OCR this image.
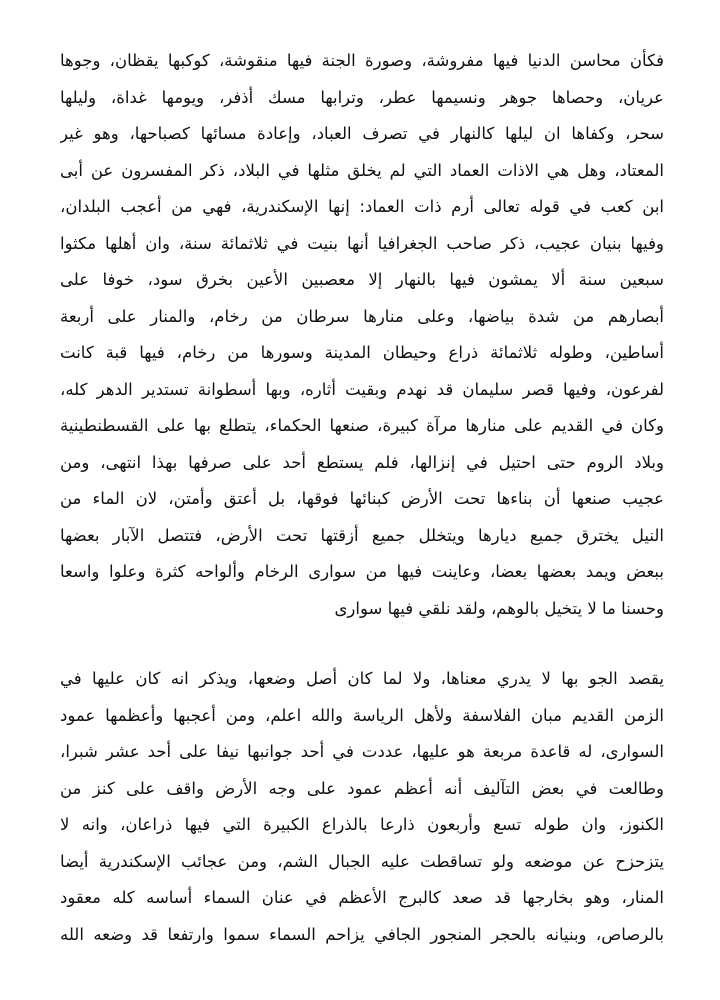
فكأن محاسن الدنيا فيها مفروشة، وصورة الجنة فيها منقوشة، كوكبها يقظان، وجوها
عريان، وحصاها جوهر ونسيمها عطر، وترابها مسك أذفر، ويومها غداة، وليلها
سحر، وكفاها ان ليلها كالنهار في تصرف العباد، وإعادة مسائها كصباحها، وهو غير
المعتاد، وهل هي الاذات العماد التي لم يخلق مثلها في البلاد، ذكر المفسرون عن أبى
ابن كعب في قوله تعالى أرم ذات العماد: إنها الإسكندرية، فهي من أعجب البلدان،
وفيها بنيان عجيب، ذكر صاحب الجغرافيا أنها بنيت في ثلاثمائة سنة، وان أهلها مكثوا
سبعين سنة ألا يمشون فيها بالنهار إلا معصبين الأعين بخرق سود، خوفا على
أبصارهم من شدة بياضها، وعلى منارها سرطان من رخام، والمنار على أربعة
أساطين، وطوله ثلاثمائة ذراع وحيطان المدينة وسورها من رخام، فيها قبة كانت
لفرعون، وفيها قصر سليمان قد نهدم وبقيت أثاره، وبها أسطوانة تستدير الدهر كله،
وكان في القديم على منارها مرآة كبيرة، صنعها الحكماء، يتطلع بها على القسطنطينية
وبلاد الروم حتى احتيل في إنزالها، فلم يستطع أحد على صرفها بهذا انتهى، ومن
عجيب صنعها أن بناءها تحت الأرض كبنائها فوقها، بل أعتق وأمتن، لان الماء من
النيل يخترق جميع ديارها ويتخلل جميع أزقتها تحت الأرض، فتتصل الآبار بعضها
ببعض ويمد بعضها بعضا، وعاينت فيها من سوارى الرخام وألواحه كثرة وعلوا واسعا
وحسنا ما لا يتخيل بالوهم، ولقد نلقي فيها سوارى
يقصد الجو بها لا يدري معناها، ولا لما كان أصل وضعها، ويذكر انه كان عليها في
الزمن القديم مبان الفلاسفة ولأهل الرياسة والله اعلم، ومن أعجبها وأعظمها عمود
السوارى، له قاعدة مربعة هو عليها، عددت في أحد جوانبها نيفا على أحد عشر شبرا،
وطالعت في بعض التآليف أنه أعظم عمود على وجه الأرض واقف على كنز من
الكنوز، وان طوله تسع وأربعون ذارعا بالذراع الكبيرة التي فيها ذراعان، وانه لا
يتزحزح عن موضعه ولو تساقطت عليه الجبال الشم، ومن عجائب الإسكندرية أيضا
المنار، وهو بخارجها قد صعد كالبرج الأعظم في عنان السماء أساسه كله معقود
بالرصاص، وبنيانه بالحجر المنجور الجافي يزاحم السماء سموا وارتفعا قد وضعه الله
